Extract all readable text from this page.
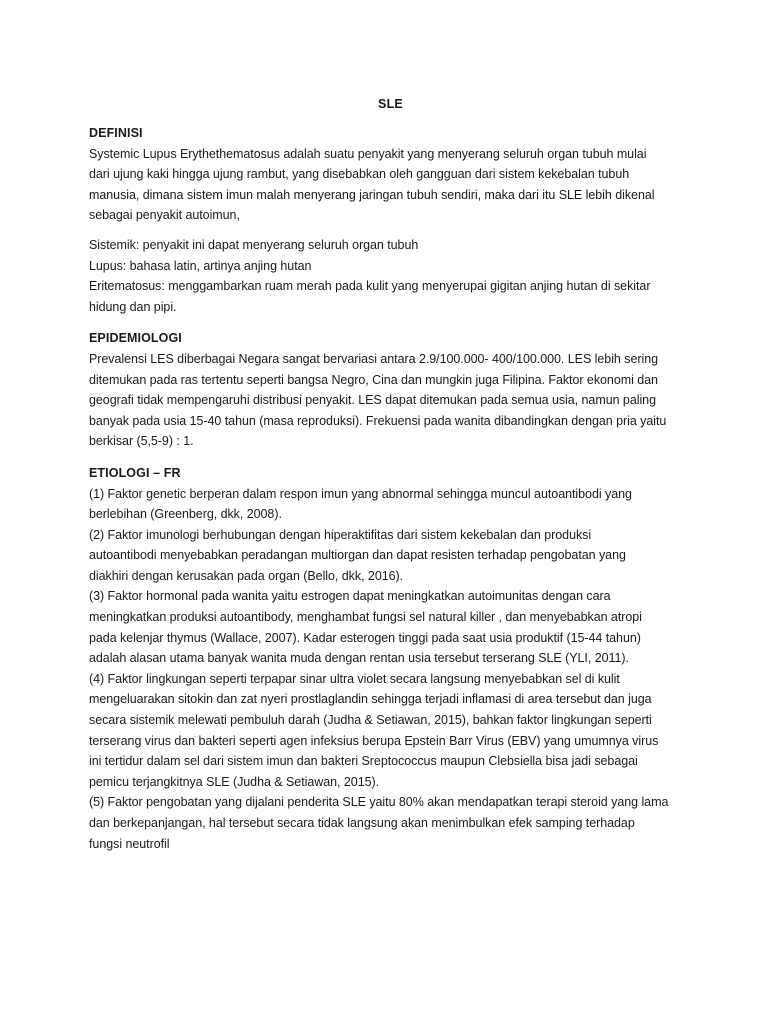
SLE
DEFINISI
Systemic Lupus Erythethematosus adalah suatu penyakit yang menyerang seluruh organ tubuh mulai
dari ujung kaki hingga ujung rambut, yang disebabkan oleh gangguan dari sistem kekebalan tubuh
manusia, dimana sistem imun malah menyerang jaringan tubuh sendiri, maka dari itu SLE lebih dikenal
sebagai penyakit autoimun,
Sistemik: penyakit ini dapat menyerang seluruh organ tubuh
Lupus: bahasa latin, artinya anjing hutan
Eritematosus: menggambarkan ruam merah pada kulit yang menyerupai gigitan anjing hutan di sekitar
hidung dan pipi.
EPIDEMIOLOGI
Prevalensi LES diberbagai Negara sangat bervariasi antara 2.9/100.000- 400/100.000. LES lebih sering
ditemukan pada ras tertentu seperti bangsa Negro, Cina dan mungkin juga Filipina. Faktor ekonomi dan
geografi tidak mempengaruhi distribusi penyakit. LES dapat ditemukan pada semua usia, namun paling
banyak pada usia 15-40 tahun (masa reproduksi). Frekuensi pada wanita dibandingkan dengan pria yaitu
berkisar (5,5-9) : 1.
ETIOLOGI – FR
(1) Faktor genetic berperan dalam respon imun yang abnormal sehingga muncul autoantibodi yang
berlebihan (Greenberg, dkk, 2008).
(2) Faktor imunologi berhubungan dengan hiperaktifitas dari sistem kekebalan dan produksi
autoantibodi menyebabkan peradangan multiorgan dan dapat resisten terhadap pengobatan yang
diakhiri dengan kerusakan pada organ (Bello, dkk, 2016).
(3) Faktor hormonal pada wanita yaitu estrogen dapat meningkatkan autoimunitas dengan cara
meningkatkan produksi autoantibody, menghambat fungsi sel natural killer , dan menyebabkan atropi
pada kelenjar thymus (Wallace, 2007). Kadar esterogen tinggi pada saat usia produktif (15-44 tahun)
adalah alasan utama banyak wanita muda dengan rentan usia tersebut terserang SLE (YLI, 2011).
(4) Faktor lingkungan seperti terpapar sinar ultra violet secara langsung menyebabkan sel di kulit
mengeluarakan sitokin dan zat nyeri prostlaglandin sehingga terjadi inflamasi di area tersebut dan juga
secara sistemik melewati pembuluh darah (Judha & Setiawan, 2015), bahkan faktor lingkungan seperti
terserang virus dan bakteri seperti agen infeksius berupa Epstein Barr Virus (EBV) yang umumnya virus
ini tertidur dalam sel dari sistem imun dan bakteri Sreptococcus maupun Clebsiella bisa jadi sebagai
pemicu terjangkitnya SLE (Judha & Setiawan, 2015).
(5) Faktor pengobatan yang dijalani penderita SLE yaitu 80% akan mendapatkan terapi steroid yang lama
dan berkepanjangan, hal tersebut secara tidak langsung akan menimbulkan efek samping terhadap
fungsi neutrofil
